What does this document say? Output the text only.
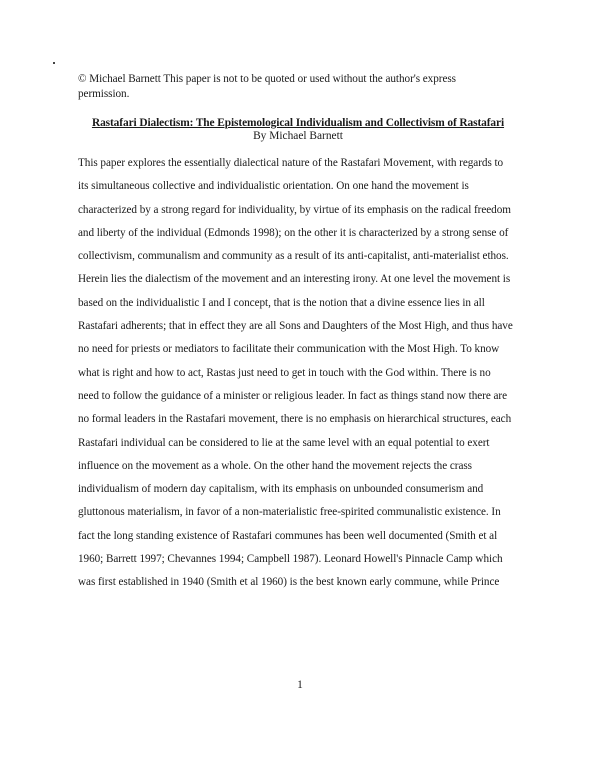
© Michael Barnett This paper is not to be quoted or used without the author's express
permission.
Rastafari Dialectism: The Epistemological Individualism and Collectivism of Rastafari
By Michael Barnett
This paper explores the essentially dialectical nature of the Rastafari Movement, with regards to
its simultaneous collective and individualistic orientation. On one hand the movement is
characterized by a strong regard for individuality, by virtue of its emphasis on the radical freedom
and liberty of the individual (Edmonds 1998); on the other it is characterized by a strong sense of
collectivism, communalism and community as a result of its anti-capitalist, anti-materialist ethos.
Herein lies the dialectism of the movement and an interesting irony. At one level the movement is
based on the individualistic I and I concept, that is the notion that a divine essence lies in all
Rastafari adherents; that in effect they are all Sons and Daughters of the Most High, and thus have
no need for priests or mediators to facilitate their communication with the Most High. To know
what is right and how to act, Rastas just need to get in touch with the God within. There is no
need to follow the guidance of a minister or religious leader. In fact as things stand now there are
no formal leaders in the Rastafari movement, there is no emphasis on hierarchical structures, each
Rastafari individual can be considered to lie at the same level with an equal potential to exert
influence on the movement as a whole. On the other hand the movement rejects the crass
individualism of modern day capitalism, with its emphasis on unbounded consumerism and
gluttonous materialism, in favor of a non-materialistic free-spirited communalistic existence. In
fact the long standing existence of Rastafari communes has been well documented (Smith et al
1960; Barrett 1997; Chevannes 1994; Campbell 1987). Leonard Howell's Pinnacle Camp which
was first established in 1940 (Smith et al 1960) is the best known early commune, while Prince
1
